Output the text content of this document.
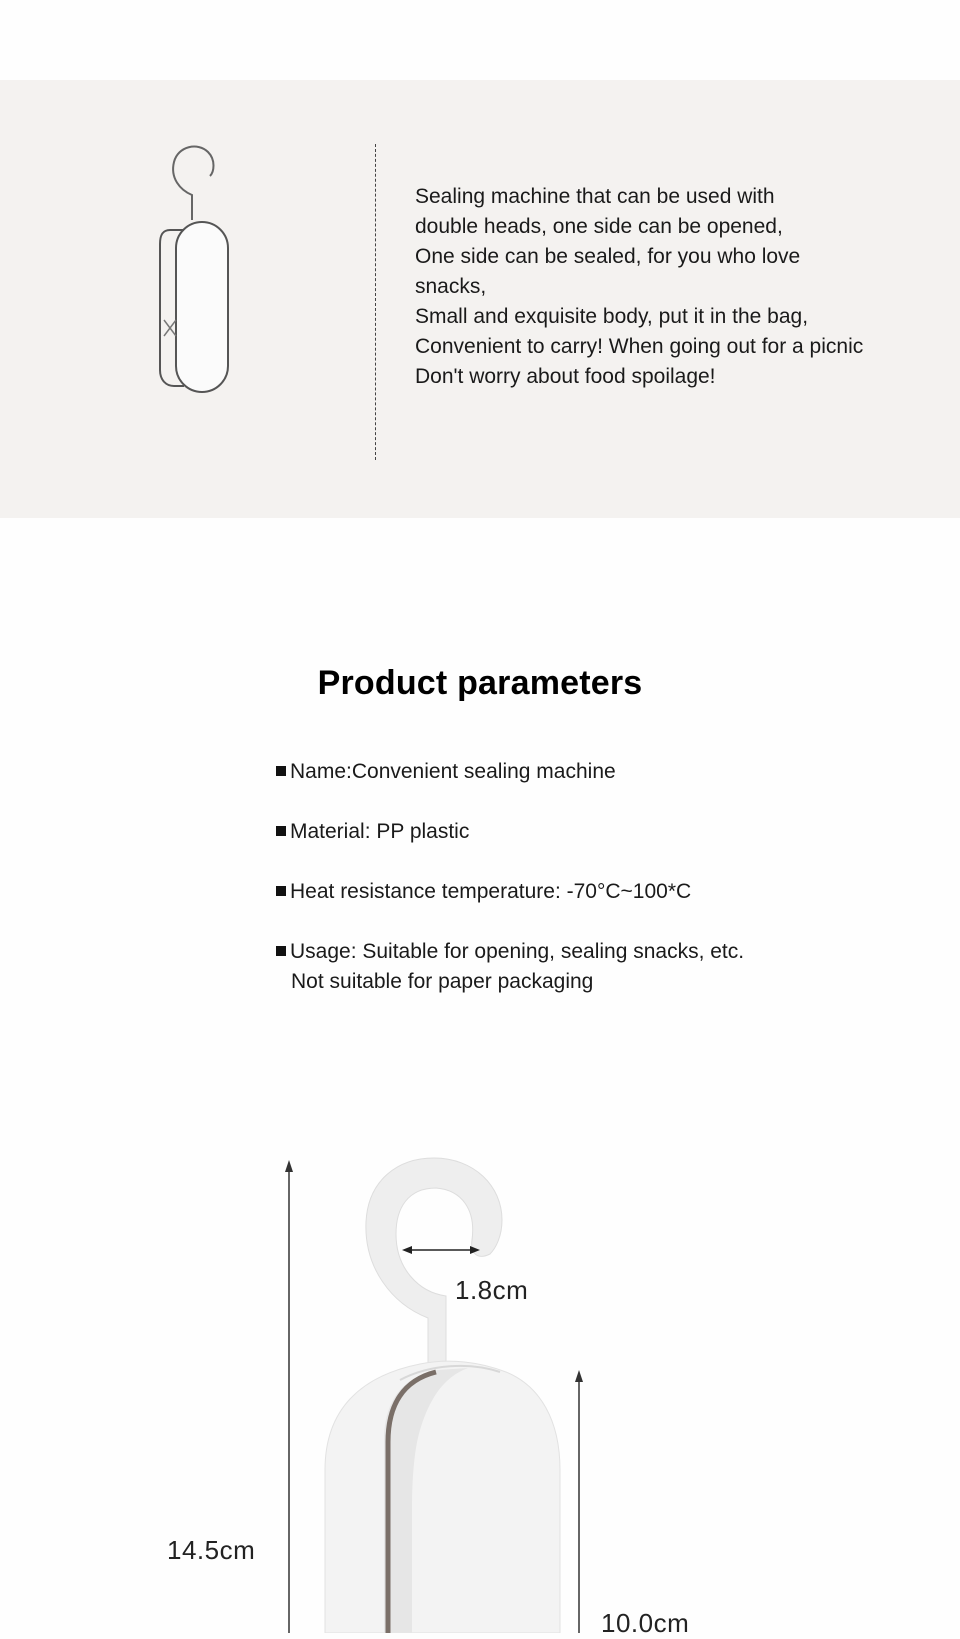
Sealing machine that can be used with
double heads, one side can be opened,
One side can be sealed, for you who love
snacks,
Small and exquisite body, put it in the bag,
Convenient to carry! When going out for a picnic
Don't worry about food spoilage!
Product parameters
Name:Convenient sealing machine
Material: PP plastic
Heat resistance temperature: -70°C~100*C
Usage: Suitable for opening, sealing snacks, etc.
Not suitable for paper packaging
1.8cm
14.5cm
10.0cm
